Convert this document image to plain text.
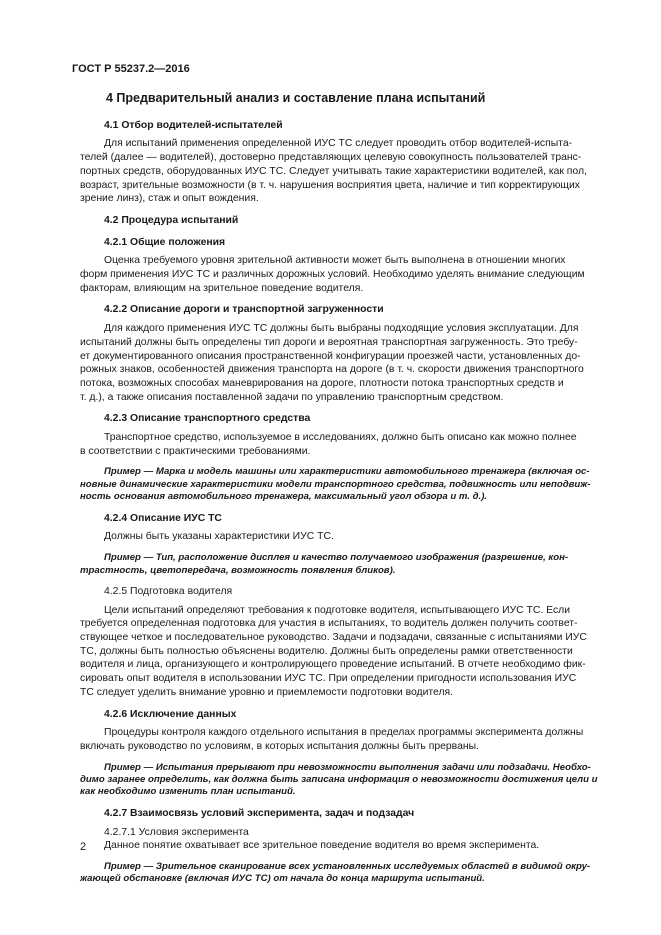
ГОСТ Р 55237.2—2016
4 Предварительный анализ и составление плана испытаний
4.1 Отбор водителей-испытателей
Для испытаний применения определенной ИУС ТС следует проводить отбор водителей-испыта-
телей (далее — водителей), достоверно представляющих целевую совокупность пользователей транс-
портных средств, оборудованных ИУС ТС. Следует учитывать такие характеристики водителей, как пол,
возраст, зрительные возможности (в т. ч. нарушения восприятия цвета, наличие и тип корректирующих
зрение линз), стаж и опыт вождения.
4.2 Процедура испытаний
4.2.1 Общие положения
Оценка требуемого уровня зрительной активности может быть выполнена в отношении многих
форм применения ИУС ТС и различных дорожных условий. Необходимо уделять внимание следующим
факторам, влияющим на зрительное поведение водителя.
4.2.2 Описание дороги и транспортной загруженности
Для каждого применения ИУС ТС должны быть выбраны подходящие условия эксплуатации. Для
испытаний должны быть определены тип дороги и вероятная транспортная загруженность. Это требу-
ет документированного описания пространственной конфигурации проезжей части, установленных до-
рожных знаков, особенностей движения транспорта на дороге (в т. ч. скорости движения транспортного
потока, возможных способах маневрирования на дороге, плотности потока транспортных средств и
т. д.), а также описания поставленной задачи по управлению транспортным средством.
4.2.3 Описание транспортного средства
Транспортное средство, используемое в исследованиях, должно быть описано как можно полнее
в соответствии с практическими требованиями.
Пример — Марка и модель машины или характеристики автомобильного тренажера (включая ос-
новные динамические характеристики модели транспортного средства, подвижность или неподвиж-
ность основания автомобильного тренажера, максимальный угол обзора и т. д.).
4.2.4 Описание ИУС ТС
Должны быть указаны характеристики ИУС ТС.
Пример — Тип, расположение дисплея и качество получаемого изображения (разрешение, кон-
трастность, цветопередача, возможность появления бликов).
4.2.5 Подготовка водителя
Цели испытаний определяют требования к подготовке водителя, испытывающего ИУС ТС. Если
требуется определенная подготовка для участия в испытаниях, то водитель должен получить соответ-
ствующее четкое и последовательное руководство. Задачи и подзадачи, связанные с испытаниями ИУС
ТС, должны быть полностью объяснены водителю. Должны быть определены рамки ответственности
водителя и лица, организующего и контролирующего проведение испытаний. В отчете необходимо фик-
сировать опыт водителя в использовании ИУС ТС. При определении пригодности использования ИУС
ТС следует уделить внимание уровню и приемлемости подготовки водителя.
4.2.6 Исключение данных
Процедуры контроля каждого отдельного испытания в пределах программы эксперимента должны
включать руководство по условиям, в которых испытания должны быть прерваны.
Пример — Испытания прерывают при невозможности выполнения задачи или подзадачи. Необхо-
димо заранее определить, как должна быть записана информация о невозможности достижения цели и
как необходимо изменить план испытаний.
4.2.7 Взаимосвязь условий эксперимента, задач и подзадач
4.2.7.1 Условия эксперимента
Данное понятие охватывает все зрительное поведение водителя во время эксперимента.
Пример — Зрительное сканирование всех установленных исследуемых областей в видимой окру-
жающей обстановке (включая ИУС ТС) от начала до конца маршрута испытаний.
2
